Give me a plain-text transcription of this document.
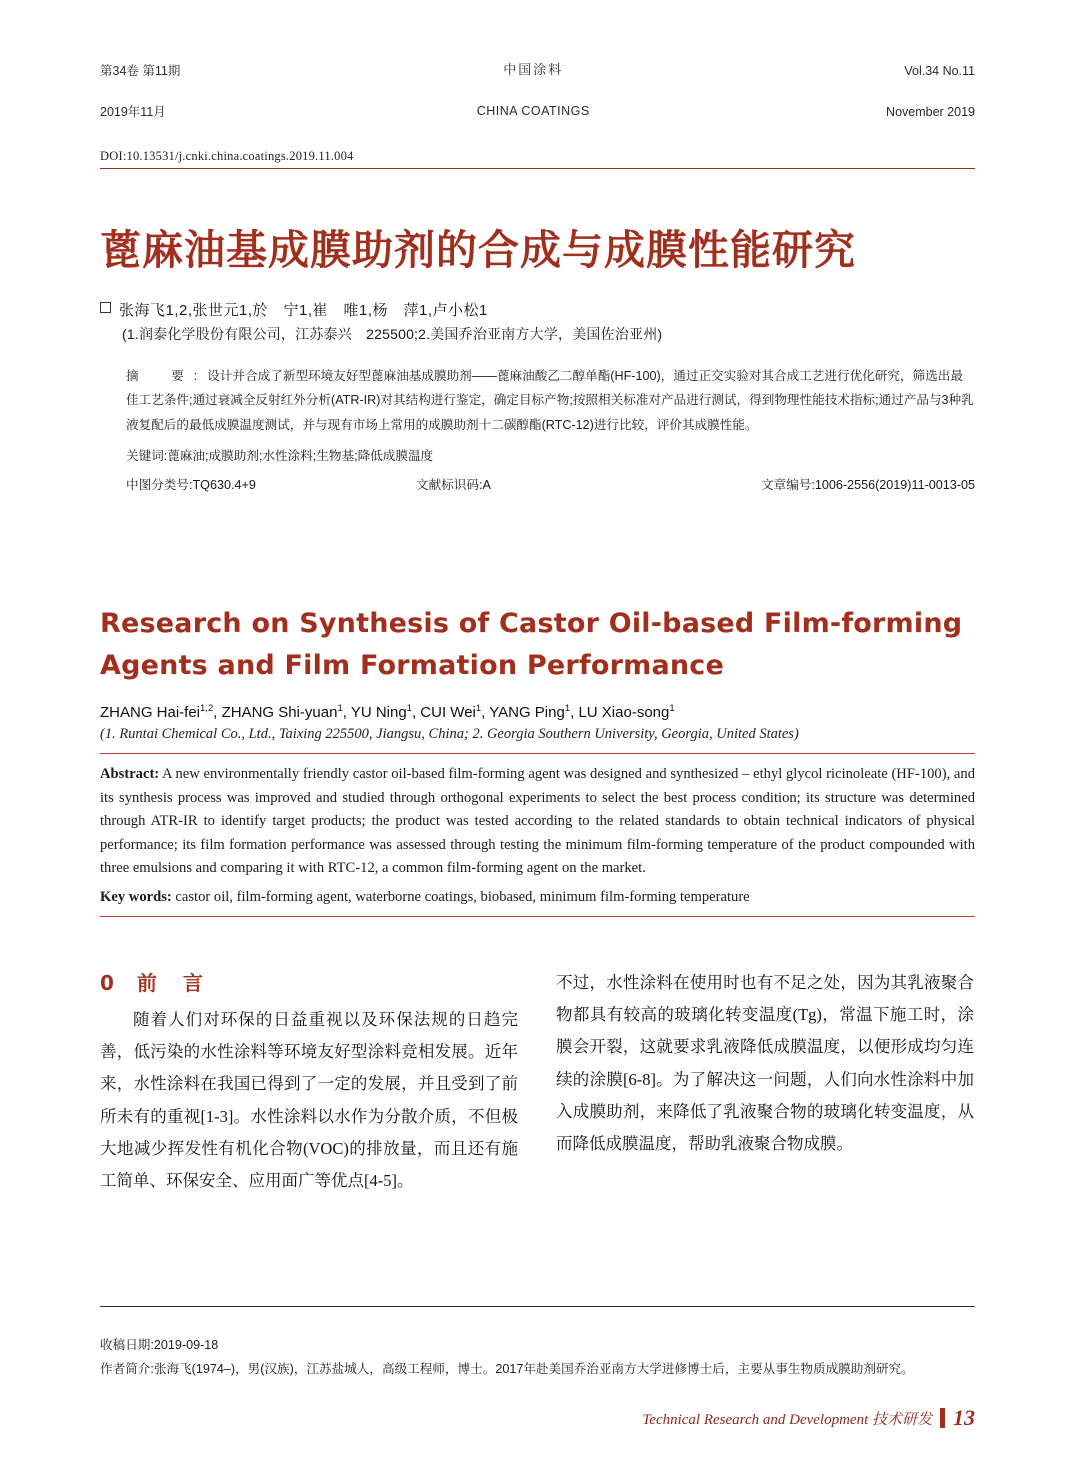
第34卷 第11期

2019年11月

中国涂料

CHINA COATINGS

Vol.34 No.11

November 2019

DOI:10.13531/j.cnki.china.coatings.2019.11.004
蓖麻油基成膜助剂的合成与成膜性能研究
张海飞1,2,张世元1,於　宁1,崔　唯1,杨　萍1,卢小松1
(1.润泰化学股份有限公司，江苏泰兴　225500;2.美国乔治亚南方大学，美国佐治亚州)

摘　要:设计并合成了新型环境友好型蓖麻油基成膜助剂——蓖麻油酸乙二醇单酯(HF-100)，通过正交实验对其合成工艺进行优化研究，筛选出最佳工艺条件;通过衰减全反射红外分析(ATR-IR)对其结构进行鉴定，确定目标产物;按照相关标准对产品进行测试，得到物理性能技术指标;通过产品与3种乳液复配后的最低成膜温度测试，并与现有市场上常用的成膜助剂十二碳醇酯(RTC-12)进行比较，评价其成膜性能。

关键词:蓖麻油;成膜助剂;水性涂料;生物基;降低成膜温度
中图分类号:TQ630.4+9	文献标识码:A	文章编号:1006-2556(2019)11-0013-05
Research on Synthesis of Castor Oil-based Film-forming Agents and Film Formation Performance
ZHANG Hai-fei$^{1,2}$, ZHANG Shi-yuan$^1$, YU Ning$^1$, CUI Wei$^1$, YANG Ping$^1$, LU Xiao-song$^1$
(1. Runtai Chemical Co., Ltd., Taixing 225500, Jiangsu, China; 2. Georgia Southern University, Georgia, United States)
Abstract: A new environmentally friendly castor oil-based film-forming agent was designed and synthesized – ethyl glycol ricinoleate (HF-100), and its synthesis process was improved and studied through orthogonal experiments to select the best process condition; its structure was determined through ATR-IR to identify target products; the product was tested according to the related standards to obtain technical indicators of physical performance; its film formation performance was assessed through testing the minimum film-forming temperature of the product compounded with three emulsions and comparing it with RTC-12, a common film-forming agent on the market.
Key words: castor oil, film-forming agent, waterborne coatings, biobased, minimum film-forming temperature
0 前　言

随着人们对环保的日益重视以及环保法规的日趋完善，低污染的水性涂料等环境友好型涂料竞相发展。近年来，水性涂料在我国已得到了一定的发展，并且受到了前所未有的重视[1-3]。水性涂料以水作为分散介质，不但极大地减少挥发性有机化合物(VOC)的排放量，而且还有施工简单、环保安全、应用面广等优点[4-5]。

不过，水性涂料在使用时也有不足之处，因为其乳液聚合物都具有较高的玻璃化转变温度(Tg)，常温下施工时，涂膜会开裂，这就要求乳液降低成膜温度，以便形成均匀连续的涂膜[6-8]。为了解决这一问题，人们向水性涂料中加入成膜助剂，来降低了乳液聚合物的玻璃化转变温度，从而降低成膜温度，帮助乳液聚合物成膜。

收稿日期:2019-09-18
作者简介:张海飞(1974–)，男(汉族)，江苏盐城人，高级工程师，博士。2017年赴美国乔治亚南方大学进修博士后，主要从事生物质成膜助剂研究。
Technical Research and Development 技术研发 13
